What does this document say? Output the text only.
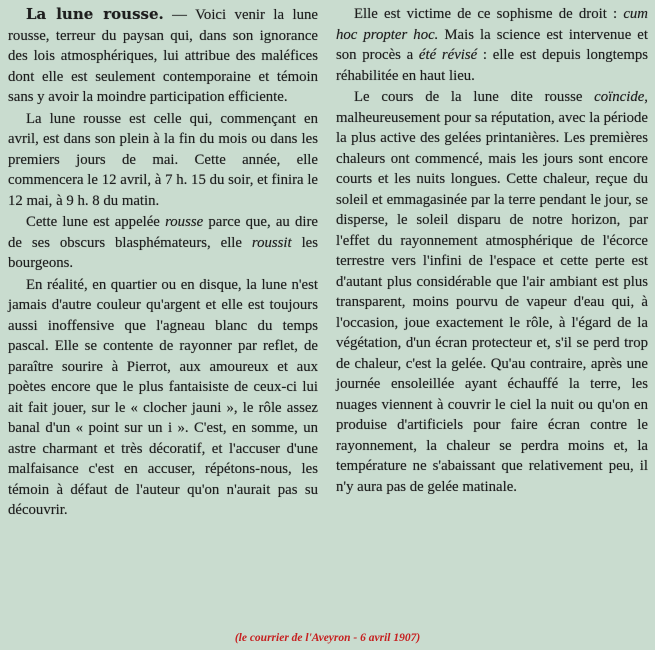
La lune rousse. — Voici venir la lune rousse, terreur du paysan qui, dans son ignorance des lois atmosphériques, lui attribue des maléfices dont elle est seulement contemporaine et témoin sans y avoir la moindre participation efficiente.

La lune rousse est celle qui, commençant en avril, est dans son plein à la fin du mois ou dans les premiers jours de mai. Cette année, elle commencera le 12 avril, à 7 h. 15 du soir, et finira le 12 mai, à 9 h. 8 du matin.

Cette lune est appelée rousse parce que, au dire de ses obscurs blasphémateurs, elle roussit les bourgeons.

En réalité, en quartier ou en disque, la lune n'est jamais d'autre couleur qu'argent et elle est toujours aussi inoffensive que l'agneau blanc du temps pascal. Elle se contente de rayonner par reflet, de paraître sourire à Pierrot, aux amoureux et aux poètes encore que le plus fantaisiste de ceux-ci lui ait fait jouer, sur le « clocher jauni », le rôle assez banal d'un « point sur un i ». C'est, en somme, un astre charmant et très décoratif, et l'accuser d'une malfaisance c'est en accuser, répétons-nous, les témoin à défaut de l'auteur qu'on n'aurait pas su découvrir.

Elle est victime de ce sophisme de droit : cum hoc propter hoc. Mais la science est intervenue et son procès a été révisé : elle est depuis longtemps réhabilitée en haut lieu.

Le cours de la lune dite rousse coïncide, malheureusement pour sa réputation, avec la période la plus active des gelées printanières. Les premières chaleurs ont commencé, mais les jours sont encore courts et les nuits longues. Cette chaleur, reçue du soleil et emmagasinée par la terre pendant le jour, se disperse, le soleil disparu de notre horizon, par l'effet du rayonnement atmosphérique de l'écorce terrestre vers l'infini de l'espace et cette perte est d'autant plus considérable que l'air ambiant est plus transparent, moins pourvu de vapeur d'eau qui, à l'occasion, joue exactement le rôle, à l'égard de la végétation, d'un écran protecteur et, s'il se perd trop de chaleur, c'est la gelée. Qu'au contraire, après une journée ensoleillée ayant échauffé la terre, les nuages viennent à couvrir le ciel la nuit ou qu'on en produise d'artificiels pour faire écran contre le rayonnement, la chaleur se perdra moins et, la température ne s'abaissant que relativement peu, il n'y aura pas de gelée matinale.

(le courrier de l'Aveyron - 6 avril 1907)
